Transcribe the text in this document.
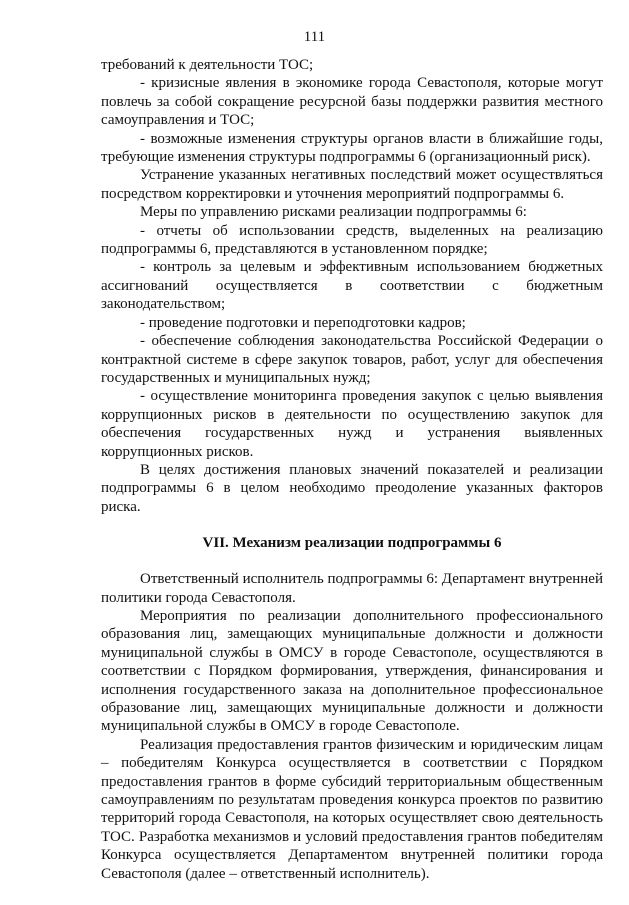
111

требований к деятельности ТОС;

- кризисные явления в экономике города Севастополя, которые могут повлечь за собой сокращение ресурсной базы поддержки развития местного самоуправления и ТОС;

- возможные изменения структуры органов власти в ближайшие годы, требующие изменения структуры подпрограммы 6 (организационный риск).

Устранение указанных негативных последствий может осуществляться посредством корректировки и уточнения мероприятий подпрограммы 6.

Меры по управлению рисками реализации подпрограммы 6:

- отчеты об использовании средств, выделенных на реализацию подпрограммы 6, представляются в установленном порядке;

- контроль за целевым и эффективным использованием бюджетных ассигнований осуществляется в соответствии с бюджетным законодательством;

- проведение подготовки и переподготовки кадров;

- обеспечение соблюдения законодательства Российской Федерации о контрактной системе в сфере закупок товаров, работ, услуг для обеспечения государственных и муниципальных нужд;

- осуществление мониторинга проведения закупок с целью выявления коррупционных рисков в деятельности по осуществлению закупок для обеспечения государственных нужд и устранения выявленных коррупционных рисков.

В целях достижения плановых значений показателей и реализации подпрограммы 6 в целом необходимо преодоление указанных факторов риска.

VII. Механизм реализации подпрограммы 6

Ответственный исполнитель подпрограммы 6: Департамент внутренней политики города Севастополя.

Мероприятия по реализации дополнительного профессионального образования лиц, замещающих муниципальные должности и должности муниципальной службы в ОМСУ в городе Севастополе, осуществляются в соответствии с Порядком формирования, утверждения, финансирования и исполнения государственного заказа на дополнительное профессиональное образование лиц, замещающих муниципальные должности и должности муниципальной службы в ОМСУ в городе Севастополе.

Реализация предоставления грантов физическим и юридическим лицам – победителям Конкурса осуществляется в соответствии с Порядком предоставления грантов в форме субсидий территориальным общественным самоуправлениям по результатам проведения конкурса проектов по развитию территорий города Севастополя, на которых осуществляет свою деятельность ТОС. Разработка механизмов и условий предоставления грантов победителям Конкурса осуществляется Департаментом внутренней политики города Севастополя (далее – ответственный исполнитель).
